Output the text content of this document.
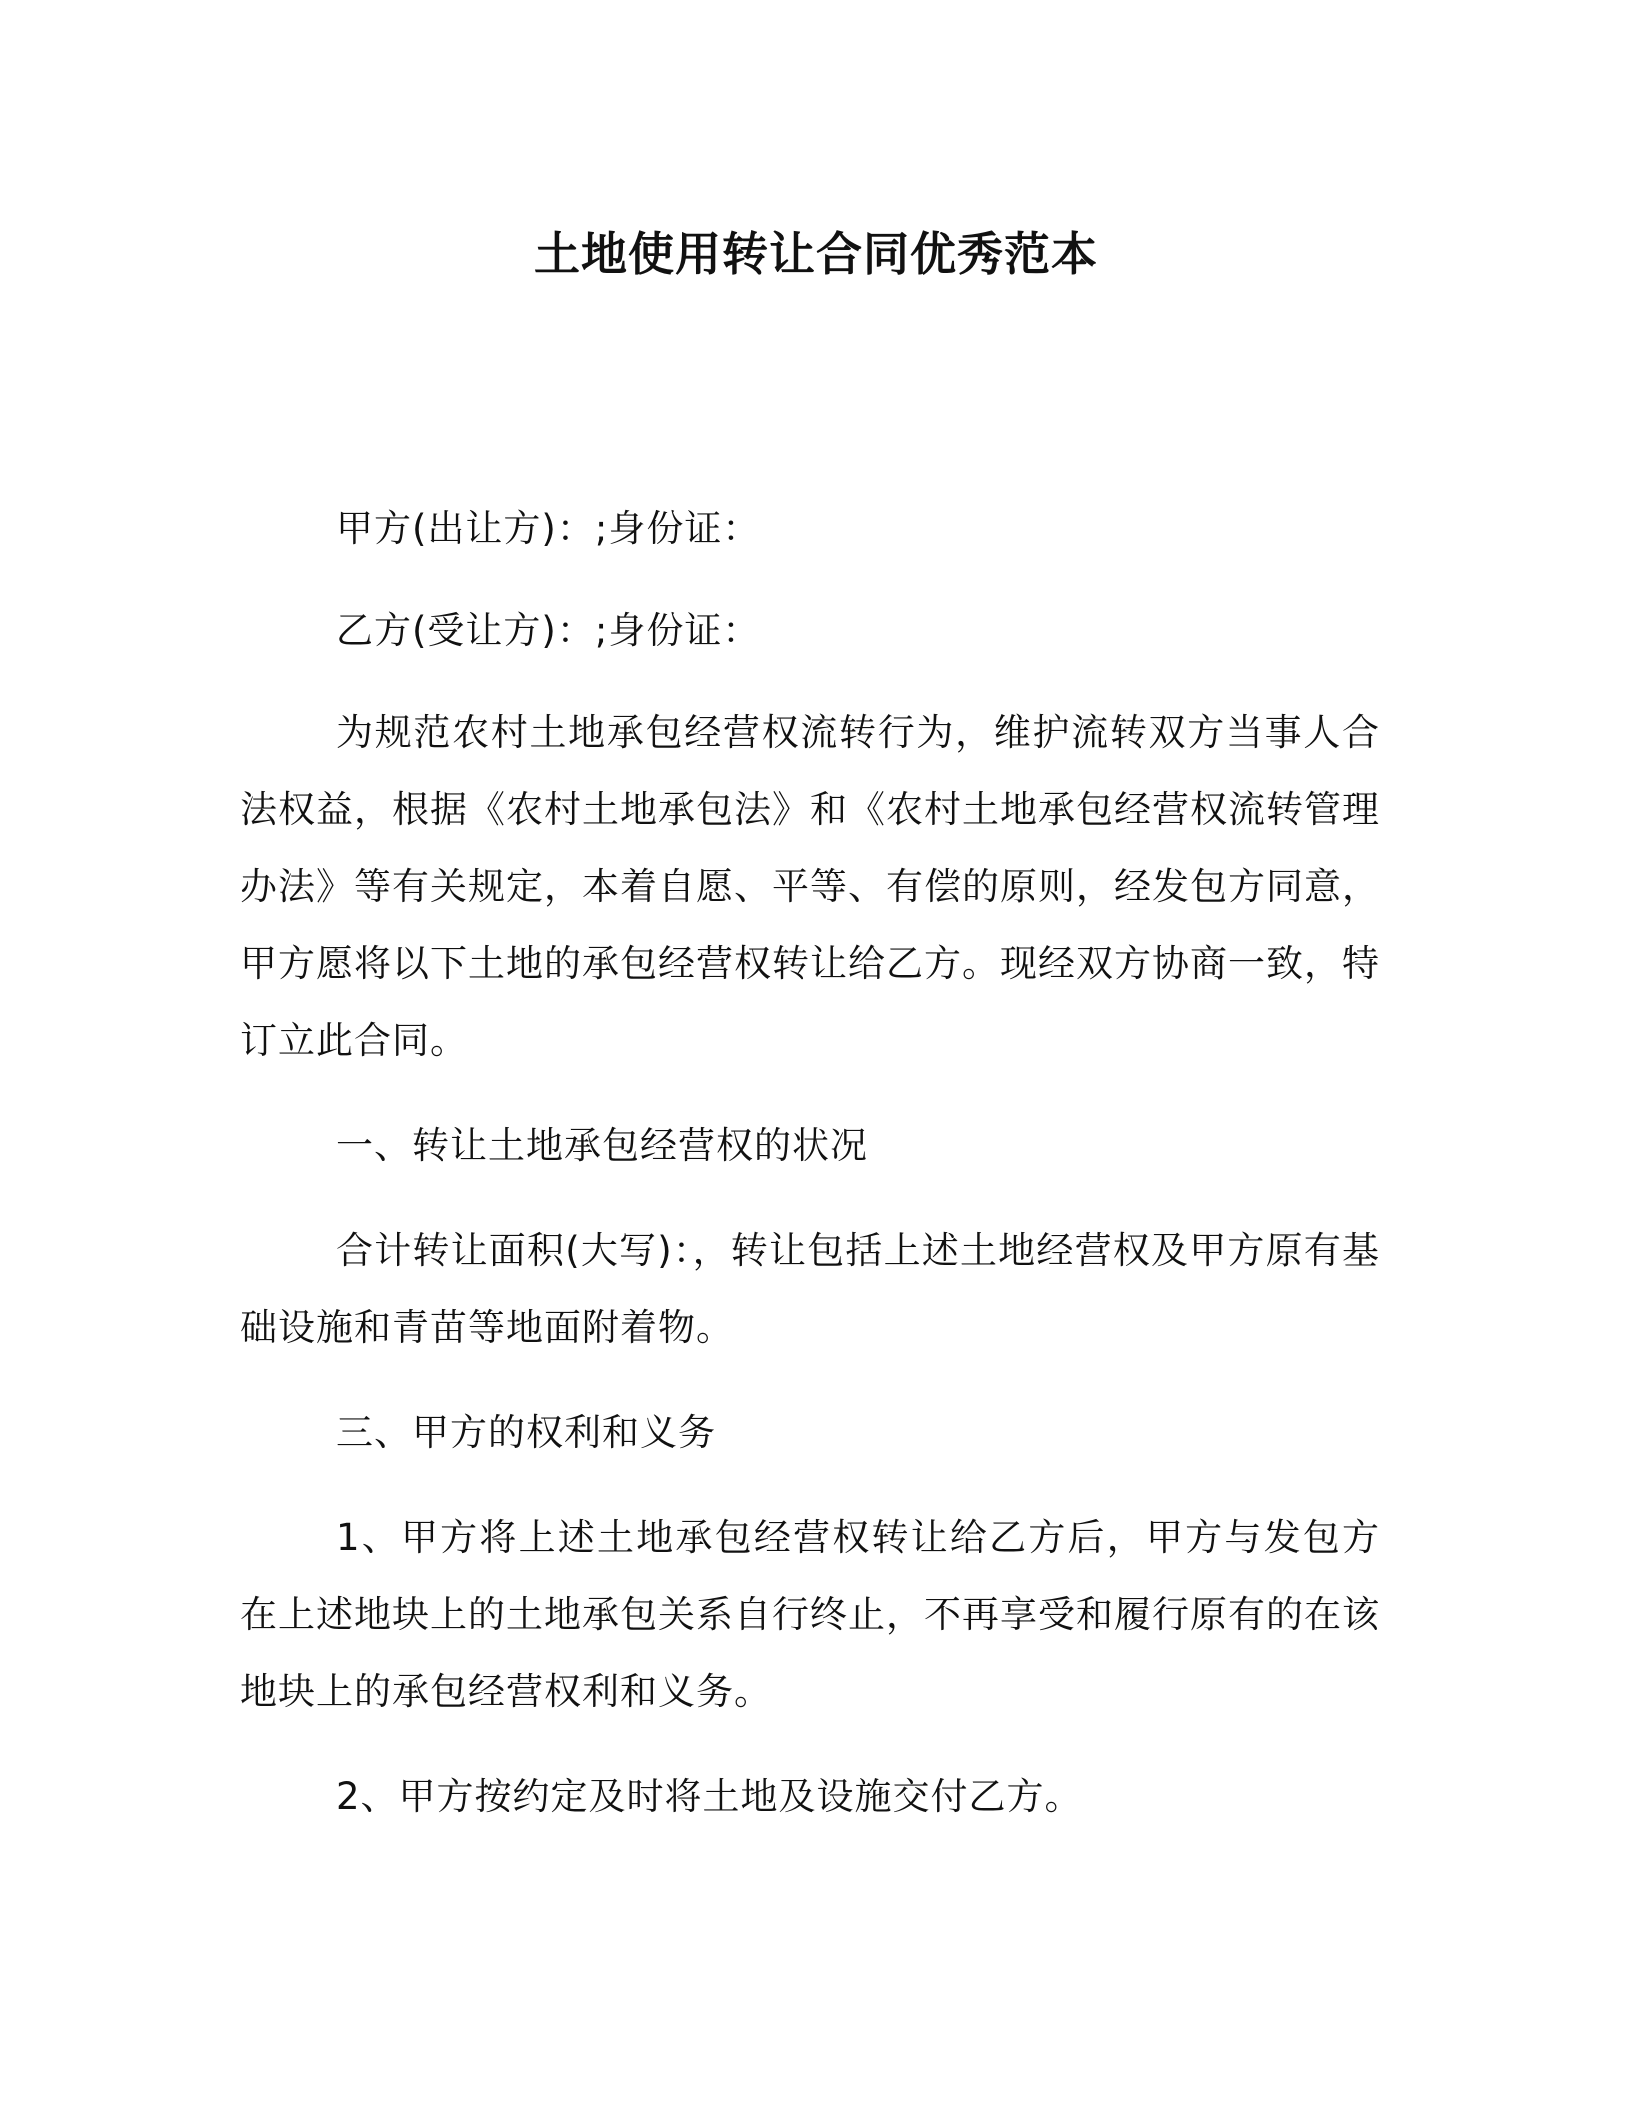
土地使用转让合同优秀范本

甲方(出让方)：;身份证：

乙方(受让方)：;身份证：

为规范农村土地承包经营权流转行为，维护流转双方当事人合法权益，根据《农村土地承包法》和《农村土地承包经营权流转管理办法》等有关规定，本着自愿、平等、有偿的原则，经发包方同意，甲方愿将以下土地的承包经营权转让给乙方。现经双方协商一致，特订立此合同。

一、转让土地承包经营权的状况

合计转让面积(大写)：，转让包括上述土地经营权及甲方原有基础设施和青苗等地面附着物。

三、甲方的权利和义务

1、甲方将上述土地承包经营权转让给乙方后，甲方与发包方在上述地块上的土地承包关系自行终止，不再享受和履行原有的在该地块上的承包经营权利和义务。

2、甲方按约定及时将土地及设施交付乙方。
